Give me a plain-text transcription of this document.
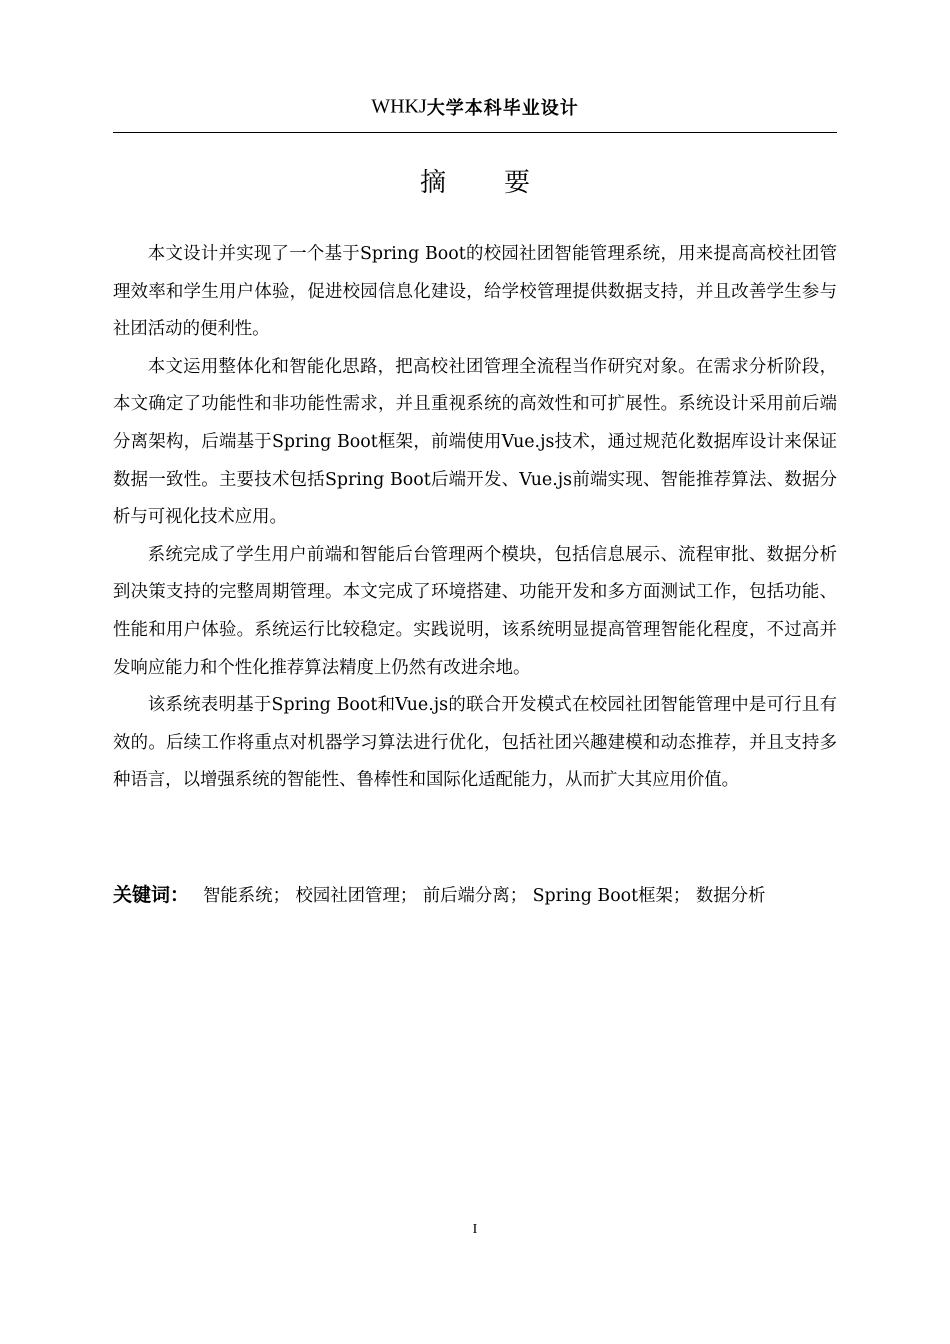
WHKJ大学本科毕业设计
摘 要

本文设计并实现了一个基于Spring Boot的校园社团智能管理系统，用来提高高校社团管理效率和学生用户体验，促进校园信息化建设，给学校管理提供数据支持，并且改善学生参与社团活动的便利性。

本文运用整体化和智能化思路，把高校社团管理全流程当作研究对象。在需求分析阶段，本文确定了功能性和非功能性需求，并且重视系统的高效性和可扩展性。系统设计采用前后端分离架构，后端基于Spring Boot框架，前端使用Vue.js技术，通过规范化数据库设计来保证数据一致性。主要技术包括Spring Boot后端开发、Vue.js前端实现、智能推荐算法、数据分析与可视化技术应用。

系统完成了学生用户前端和智能后台管理两个模块，包括信息展示、流程审批、数据分析到决策支持的完整周期管理。本文完成了环境搭建、功能开发和多方面测试工作，包括功能、性能和用户体验。系统运行比较稳定。实践说明，该系统明显提高管理智能化程度，不过高并发响应能力和个性化推荐算法精度上仍然有改进余地。

该系统表明基于Spring Boot和Vue.js的联合开发模式在校园社团智能管理中是可行且有效的。后续工作将重点对机器学习算法进行优化，包括社团兴趣建模和动态推荐，并且支持多种语言，以增强系统的智能性、鲁棒性和国际化适配能力，从而扩大其应用价值。

关键词： 智能系统； 校园社团管理； 前后端分离； Spring Boot框架； 数据分析
I
